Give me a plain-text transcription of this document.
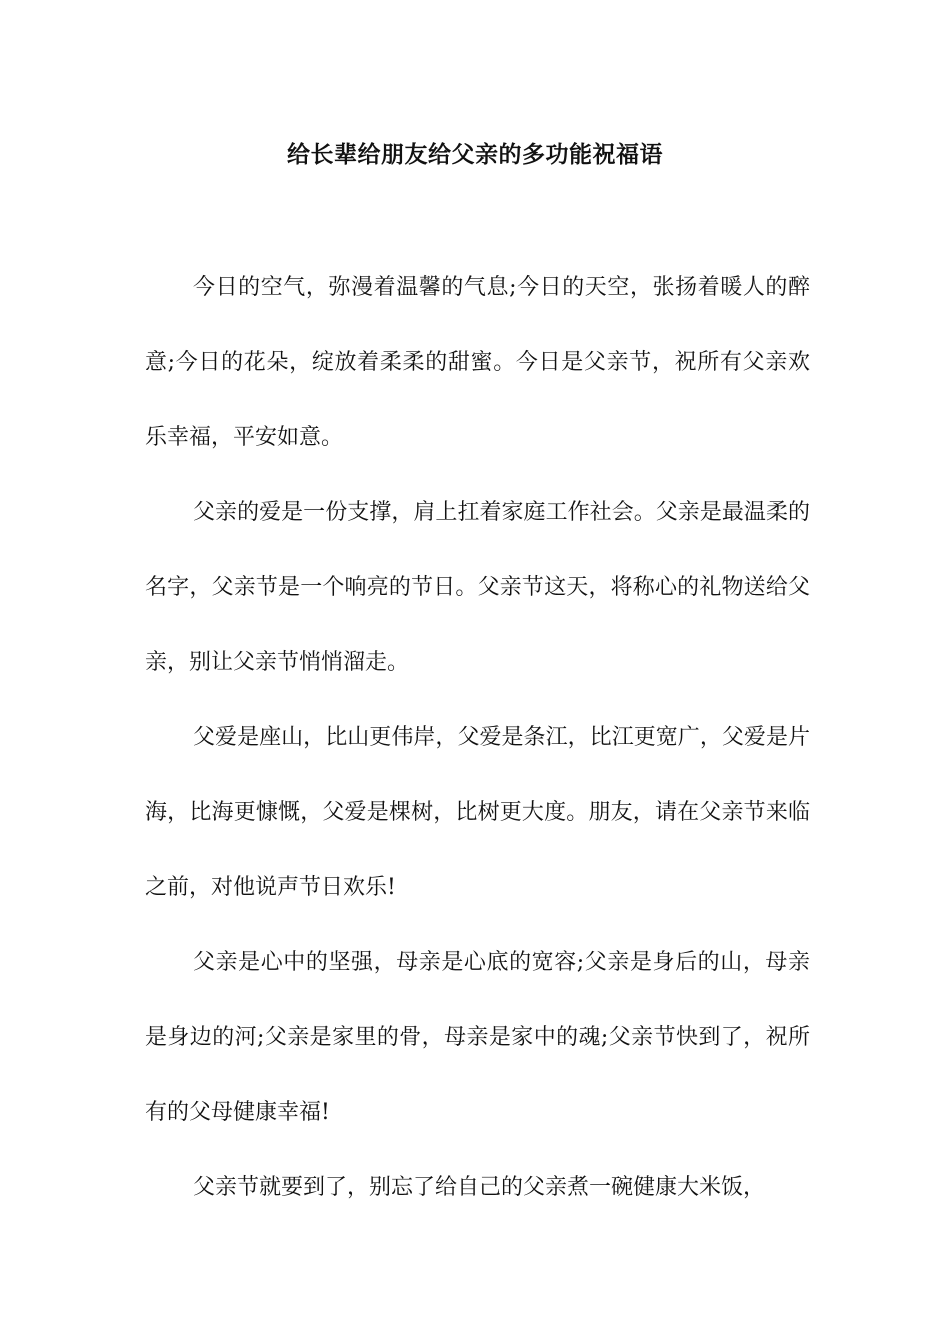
给长辈给朋友给父亲的多功能祝福语

今日的空气，弥漫着温馨的气息;今日的天空，张扬着暖人的醉意;今日的花朵，绽放着柔柔的甜蜜。今日是父亲节，祝所有父亲欢乐幸福，平安如意。

父亲的爱是一份支撑，肩上扛着家庭工作社会。父亲是最温柔的名字，父亲节是一个响亮的节日。父亲节这天，将称心的礼物送给父亲，别让父亲节悄悄溜走。

父爱是座山，比山更伟岸，父爱是条江，比江更宽广，父爱是片海，比海更慷慨，父爱是棵树，比树更大度。朋友，请在父亲节来临之前，对他说声节日欢乐!

父亲是心中的坚强，母亲是心底的宽容;父亲是身后的山，母亲是身边的河;父亲是家里的骨，母亲是家中的魂;父亲节快到了，祝所有的父母健康幸福!

父亲节就要到了，别忘了给自己的父亲煮一碗健康大米饭，
